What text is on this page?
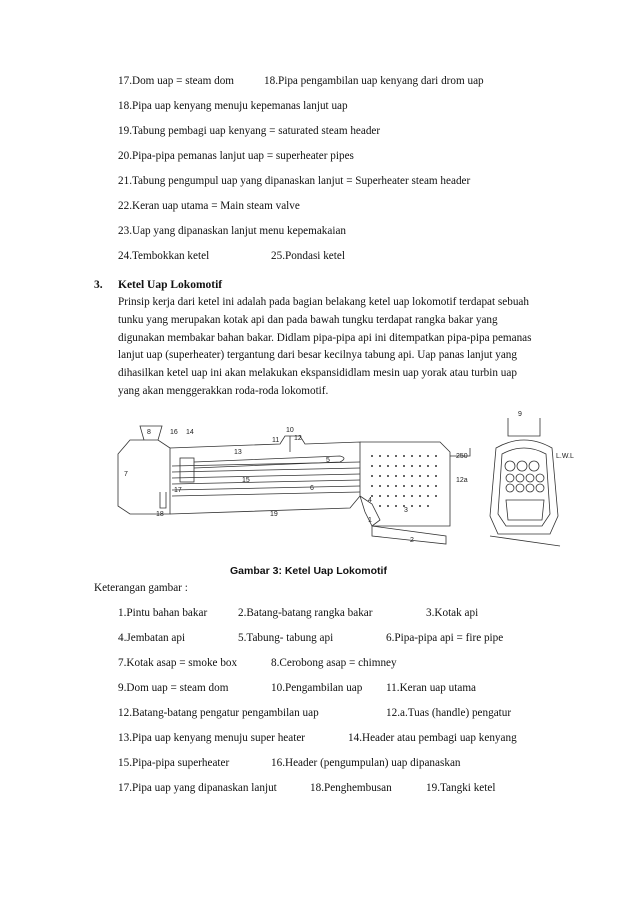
17.Dom uap = steam dom	18.Pipa pengambilan uap kenyang dari drom uap
18.Pipa uap kenyang menuju kepemanas lanjut uap
19.Tabung pembagi uap kenyang = saturated steam header
20.Pipa-pipa pemanas lanjut uap = superheater pipes
21.Tabung pengumpul uap yang dipanaskan lanjut = Superheater steam header
22.Keran uap utama = Main steam valve
23.Uap yang dipanaskan lanjut menu kepemakaian
24.Tembokkan ketel	25.Pondasi ketel
3. Ketel Uap Lokomotif
Prinsip kerja dari ketel ini adalah pada bagian belakang ketel uap lokomotif terdapat sebuah
tunku yang merupakan kotak api dan pada bawah tungku terdapat rangka bakar yang
digunakan membakar bahan bakar. Didlam pipa-pipa api ini ditempatkan pipa-pipa pemanas
lanjut uap (superheater) tergantung dari besar kecilnya tabung api. Uap panas lanjut yang
dihasilkan ketel uap ini akan melakukan ekspansididlam mesin uap yorak atau turbin uap
yang akan menggerakkan roda-roda lokomotif.
8	16 14
11
10
12
13
5
7
17
3
15
6
18	19
2
1
4
250
12a
9
L.W.L
Gambar 3: Ketel Uap Lokomotif
Keterangan gambar :
1.Pintu bahan bakar	2.Batang-batang rangka bakar	3.Kotak api
4.Jembatan api	5.Tabung- tabung api	6.Pipa-pipa api = fire pipe
7.Kotak asap = smoke box	8.Cerobong asap = chimney
9.Dom uap = steam dom	10.Pengambilan uap 11.Keran uap utama
12.Batang-batang pengatur pengambilan uap	12.a.Tuas (handle) pengatur
13.Pipa uap kenyang menuju super heater	14.Header atau pembagi uap kenyang
15.Pipa-pipa superheater	16.Header (pengumpulan) uap dipanaskan
17.Pipa uap yang dipanaskan lanjut	18.Penghembusan	19.Tangki ketel
